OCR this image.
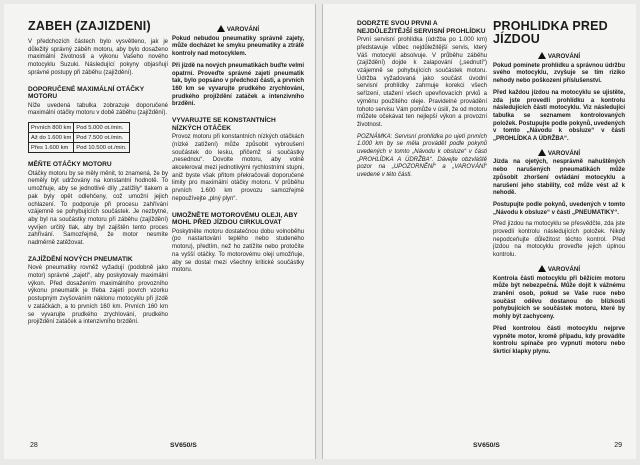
ZÁBĚH (ZAJÍŽDĚNÍ)

V předchozích částech bylo vysvětleno, jak je důležitý správný záběh motoru, aby bylo dosaženo maximální životnosti a výkonu Vašeho nového motocyklu Suzuki. Následující pokyny objasňují správné postupy při záběhu (zajíždění).

DOPORUČENÉ MAXIMÁLNÍ OTÁČKY MOTORU

Níže uvedená tabulka zobrazuje doporučené maximální otáčky motoru v době záběhu (zajíždění).

Prvních 800 km	Pod 5.000 ot./min.
Až do 1.600 km	Pod 7.500 ot./min.
Přes 1.600 km	Pod 10.500 ot./min.
MĚŇTE OTÁČKY MOTORU

Otáčky motoru by se měly měnit, to znamená, že by neměly být udržovány na konstantní hodnotě. To umožňuje, aby se jednotlivé díly „zatížily“ tlakem a pak byly opět odlehčeny, což umožní jejich ochlazení. To podporuje při procesu zahřívání vzájemně se pohybujících součástek. Je nezbytné, aby byl na součástky motoru při záběhu (zajíždění) vyvíjen určitý tlak, aby byl zajištěn tento proces zahřívání. Samozřejmě, že motor nesmíte nadměrně zatěžovat.

ZAJÍŽDĚNÍ NOVÝCH PNEUMATIK

Nové pneumatiky rovněž vyžadují (podobně jako motor) správné „zajetí“, aby poskytovaly maximální výkon. Před dosažením maximálního provozního výkonu pneumatik je třeba zajetí povrch vzorku postupným zvyšováním náklonu motocyklu při jízdě v zatáčkách, a to prvních 160 km. Prvních 160 km se vyvarujte prudkého zrychlování, prudkého projíždění zatáček a intenzivního brzdění.

VAROVÁNÍ

Pokud nebudou pneumatiky správně zajety, může docházet ke smyku pneumatiky a ztrátě kontroly nad motocyklem.

Při jízdě na nových pneumatikách buďte velmi opatrní. Proveďte správné zajetí pneumatik tak, bylo popsáno v předchozí části, a prvních 160 km se vyvarujte prudkého zrychlování, prudkého projíždění zatáček a intenzivního brzdění.

VYVARUJTE SE KONSTANTNÍCH NÍZKÝCH OTÁČEK

Provoz motoru při konstantních nízkých otáčkách (nízké zatížení) může způsobit vybroušení součástek do lesku, přičemž si součástky „nesednou“. Dovolte motoru, aby volně akceleroval mezi jednotlivými rychlostními stupni, aniž byste však přitom překračovali doporučené limity pro maximální otáčky motoru. V průběhu prvních 1.600 km provozu samozřejmě nepoužívejte „plný plyn“.

UMOŽNĚTE MOTOROVÉMU OLEJI, ABY MOHL PŘED JÍZDOU CIRKULOVAT

Poskytněte motoru dostatečnou dobu volnoběhu (po nastartování teplého nebo studeného motoru), předtím, než ho zatížíte nebo protočíte na vyšší otáčky. To motorovému oleji umožňuje, aby se dostal mezi všechny kritické součástky motoru.

28	SV650/S
DODRŽTE SVOU PRVNÍ A NEJDŮLEŽITĚJŠÍ SERVISNÍ PROHLÍDKU

První servisní prohlídka (údržba po 1.000 km) představuje vůbec nejdůležitější servis, který Váš motocykl absolvuje. V průběhu záběhu (zajíždění) dojde k zalapování („sednutí“) vzájemně se pohybujících součástek motoru. Údržba vyžadovaná jako součást úvodní servisní prohlídky zahrnuje korekci všech seřízení, utažení všech upevňovacích prvků a výměnu použitého oleje. Pravidelné provádění tohoto servisu Vám pomůže v úsilí, že od motoru můžete očekávat ten nejlepší výkon a provozní životnost.

POZNÁMKA: Servisní prohlídka po ujetí prvních 1.000 km by se měla provádět podle pokynů uvedených v tomto „Návodu k obsluze“ v části „PROHLÍDKA A ÚDRŽBA“. Dávejte obzvláště pozor na „UPOZORNĚNÍ“ a „VAROVÁNÍ“ uvedené v této části.

PROHLÍDKA PŘED JÍZDOU
VAROVÁNÍ

Pokud pominete prohlídku a správnou údržbu svého motocyklu, zvyšuje se tím riziko nehody nebo poškození příslušenství.

Před každou jízdou na motocyklu se ujistěte, zda jste provedli prohlídku a kontrolu následujících částí motocyklu. Viz následující tabulka se seznamem kontrolovaných položek. Postupujte podle pokynů, uvedených v tomto „Návodu k obsluze“ v části „PROHLÍDKA A ÚDRŽBA“.

VAROVÁNÍ

Jízda na ojetých, nesprávně nahuštěných nebo narušených pneumatikách může způsobit zhoršení ovládání motocyklu a narušení jeho stability, což může vést až k nehodě.

Postupujte podle pokynů, uvedených v tomto „Návodu k obsluze“ v části „PNEUMATIKY“.

Před jízdou na motocyklu se přesvědčte, zda jste provedli kontrolu následujících položek. Nikdy nepodceňujte důležitost těchto kontrol. Před jízdou na motocyklu proveďte jejich úplnou kontrolu.

VAROVÁNÍ

Kontrola části motocyklu při běžícím motoru může být nebezpečná. Může dojít k vážnému zranění osob, pokud se Vaše ruce nebo součást oděvu dostanou do blízkosti pohybujících se součástek motoru, které by mohly být zachyceny.

Před kontrolou části motocyklu nejprve vypněte motor, kromě případu, kdy provádíte kontrolu spínače pro vypnutí motoru nebo škrticí klapky plynu.

SV650/S	29
